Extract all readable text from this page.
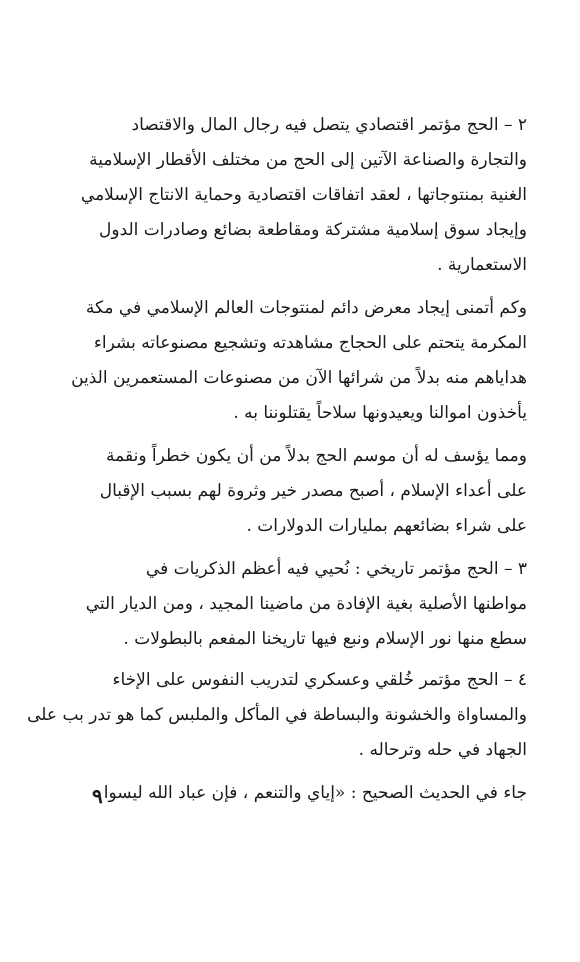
٢ – الحج مؤتمر اقتصادي يتصل فيه رجال المال والاقتصاد
والتجارة والصناعة الآتين إلى الحج من مختلف الأقطار الإسلامية
الغنية بمنتوجاتها ، لعقد اتفاقات اقتصادية وحماية الانتاج الإسلامي
وإيجاد سوق إسلامية مشتركة ومقاطعة بضائع وصادرات الدول
الاستعمارية .
وكم أتمنى إيجاد معرض دائم لمنتوجات العالم الإسلامي في مكة
المكرمة يتحتم على الحجاج مشاهدته وتشجيع مصنوعاته بشراء
هداياهم منه بدلاً من شرائها الآن من مصنوعات المستعمرين الذين
يأخذون اموالنا ويعيدونها سلاحاً يقتلوننا به .
ومما يؤسف له أن موسم الحج بدلاً من أن يكون خطراً ونقمة
على أعداء الإسلام ، أصبح مصدر خير وثروة لهم بسبب الإقبال
على شراء بضائعهم بمليارات الدولارات .
٣ – الحج مؤتمر تاريخي : نُحيي فيه أعظم الذكريات في
مواطنها الأصلية بغية الإفادة من ماضينا المجيد ، ومن الديار التي
سطع منها نور الإسلام ونبع فيها تاريخنا المفعم بالبطولات .
٤ – الحج مؤتمر خُلقي وعسكري لتدريب النفوس على الإخاء
والمساواة والخشونة والبساطة في المأكل والملبس كما هو تدر بب على
الجهاد في حله وترحاله .
جاء في الحديث الصحيح : «إياي والتنعم ، فإن عباد الله ليسوا
٩
